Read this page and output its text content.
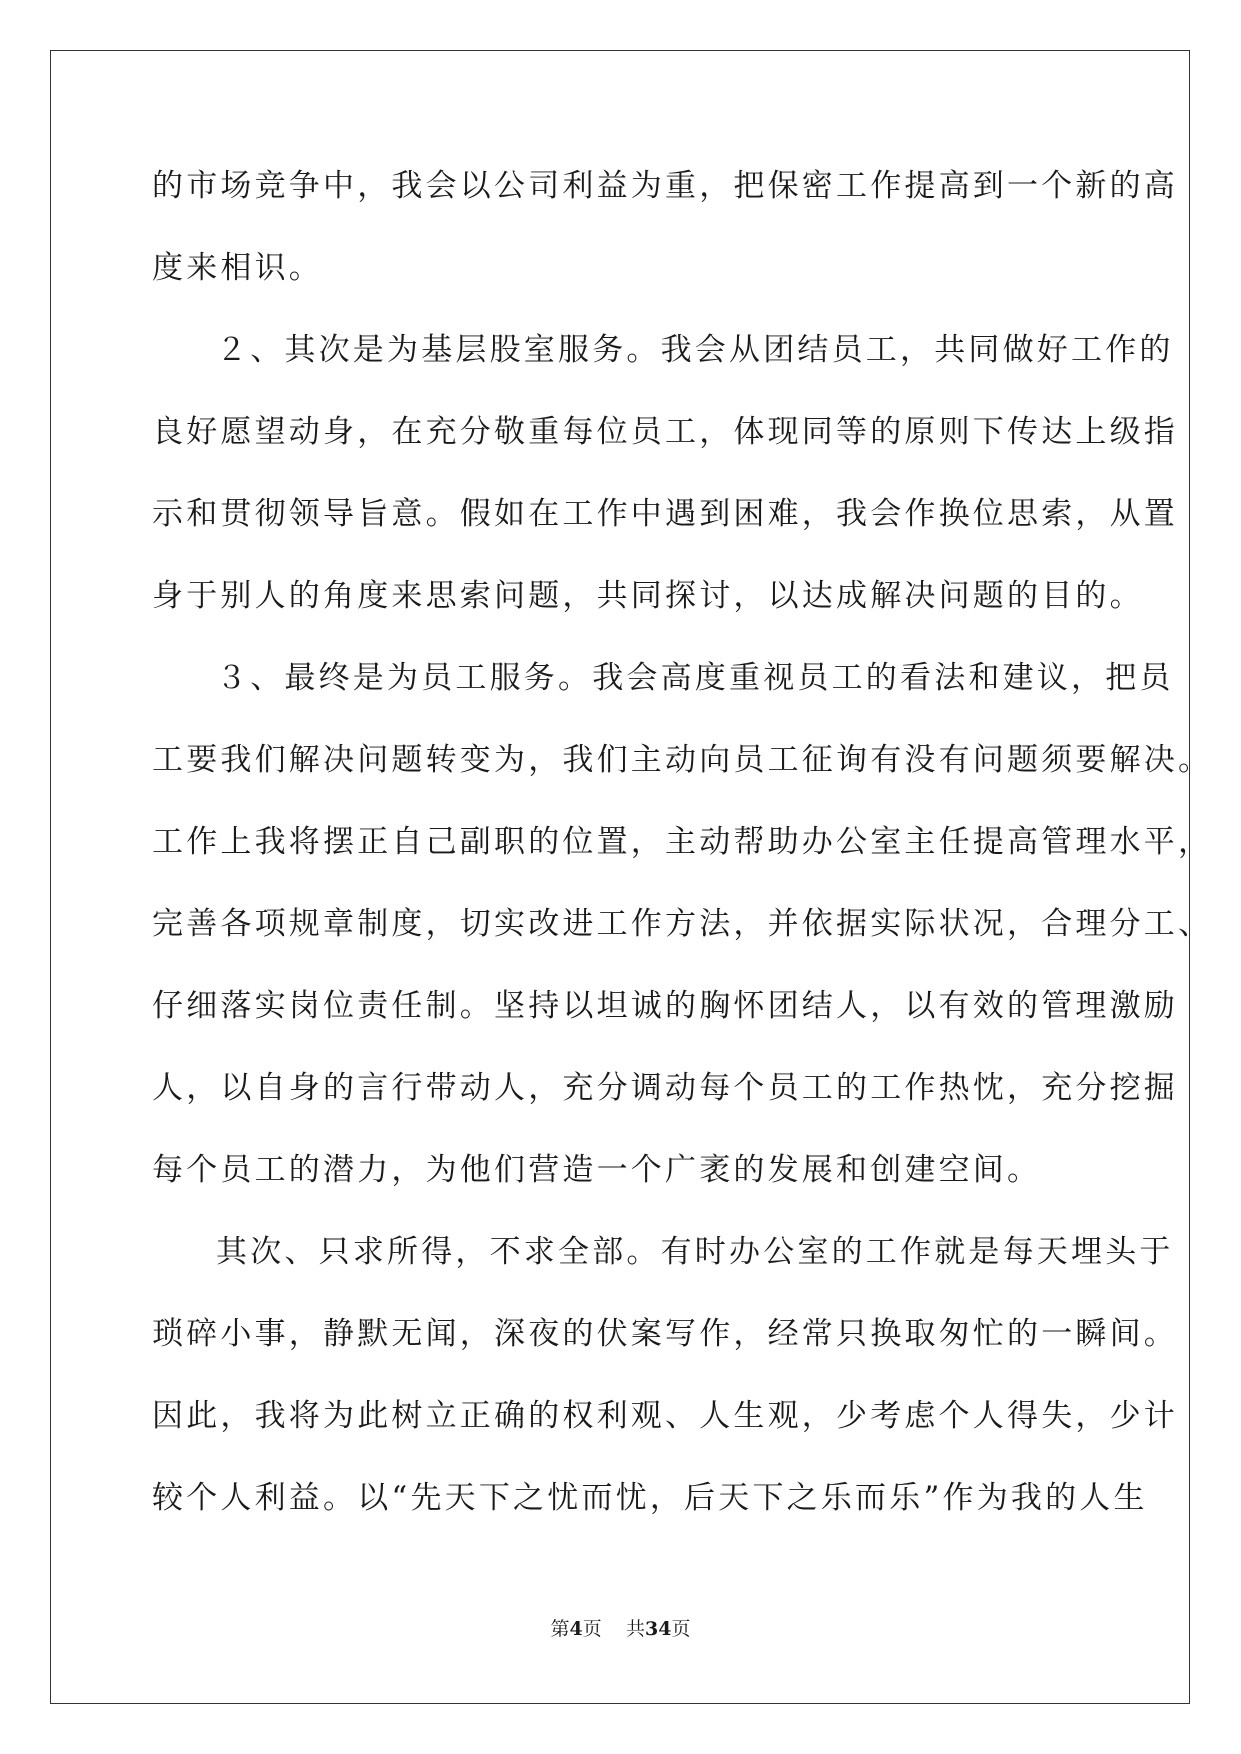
的市场竞争中，我会以公司利益为重，把保密工作提高到一个新的高
度来相识。
２、其次是为基层股室服务。我会从团结员工，共同做好工作的
良好愿望动身，在充分敬重每位员工，体现同等的原则下传达上级指
示和贯彻领导旨意。假如在工作中遇到困难，我会作换位思索，从置
身于别人的角度来思索问题，共同探讨，以达成解决问题的目的。
３、最终是为员工服务。我会高度重视员工的看法和建议，把员
工要我们解决问题转变为，我们主动向员工征询有没有问题须要解决。
工作上我将摆正自己副职的位置，主动帮助办公室主任提高管理水平，
完善各项规章制度，切实改进工作方法，并依据实际状况，合理分工、
仔细落实岗位责任制。坚持以坦诚的胸怀团结人，以有效的管理激励
人，以自身的言行带动人，充分调动每个员工的工作热忱，充分挖掘
每个员工的潜力，为他们营造一个广袤的发展和创建空间。
其次、只求所得，不求全部。有时办公室的工作就是每天埋头于
琐碎小事，静默无闻，深夜的伏案写作，经常只换取匆忙的一瞬间。
因此，我将为此树立正确的权利观、人生观，少考虑个人得失，少计
较个人利益。以“先天下之忧而忧，后天下之乐而乐”作为我的人生
第4页 共34页
